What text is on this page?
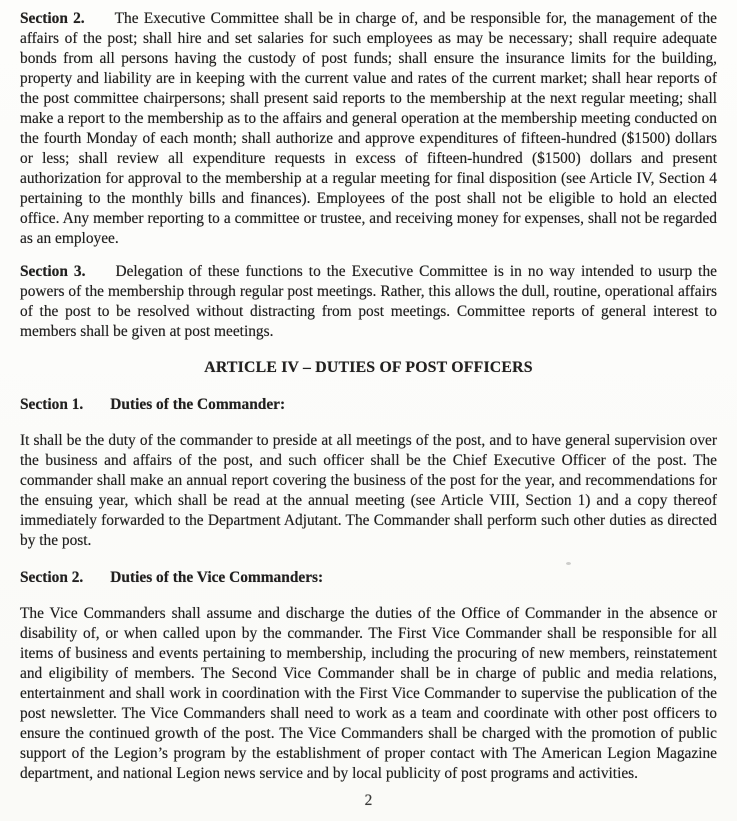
Section 2. The Executive Committee shall be in charge of, and be responsible for, the management of the affairs of the post; shall hire and set salaries for such employees as may be necessary; shall require adequate bonds from all persons having the custody of post funds; shall ensure the insurance limits for the building, property and liability are in keeping with the current value and rates of the current market; shall hear reports of the post committee chairpersons; shall present said reports to the membership at the next regular meeting; shall make a report to the membership as to the affairs and general operation at the membership meeting conducted on the fourth Monday of each month; shall authorize and approve expenditures of fifteen-hundred ($1500) dollars or less; shall review all expenditure requests in excess of fifteen-hundred ($1500) dollars and present authorization for approval to the membership at a regular meeting for final disposition (see Article IV, Section 4 pertaining to the monthly bills and finances). Employees of the post shall not be eligible to hold an elected office. Any member reporting to a committee or trustee, and receiving money for expenses, shall not be regarded as an employee.

Section 3. Delegation of these functions to the Executive Committee is in no way intended to usurp the powers of the membership through regular post meetings. Rather, this allows the dull, routine, operational affairs of the post to be resolved without distracting from post meetings. Committee reports of general interest to members shall be given at post meetings.

ARTICLE IV – DUTIES OF POST OFFICERS

Section 1. Duties of the Commander:

It shall be the duty of the commander to preside at all meetings of the post, and to have general supervision over the business and affairs of the post, and such officer shall be the Chief Executive Officer of the post. The commander shall make an annual report covering the business of the post for the year, and recommendations for the ensuing year, which shall be read at the annual meeting (see Article VIII, Section 1) and a copy thereof immediately forwarded to the Department Adjutant. The Commander shall perform such other duties as directed by the post.

Section 2. Duties of the Vice Commanders:

The Vice Commanders shall assume and discharge the duties of the Office of Commander in the absence or disability of, or when called upon by the commander. The First Vice Commander shall be responsible for all items of business and events pertaining to membership, including the procuring of new members, reinstatement and eligibility of members. The Second Vice Commander shall be in charge of public and media relations, entertainment and shall work in coordination with the First Vice Commander to supervise the publication of the post newsletter. The Vice Commanders shall need to work as a team and coordinate with other post officers to ensure the continued growth of the post. The Vice Commanders shall be charged with the promotion of public support of the Legion’s program by the establishment of proper contact with The American Legion Magazine department, and national Legion news service and by local publicity of post programs and activities.

2
